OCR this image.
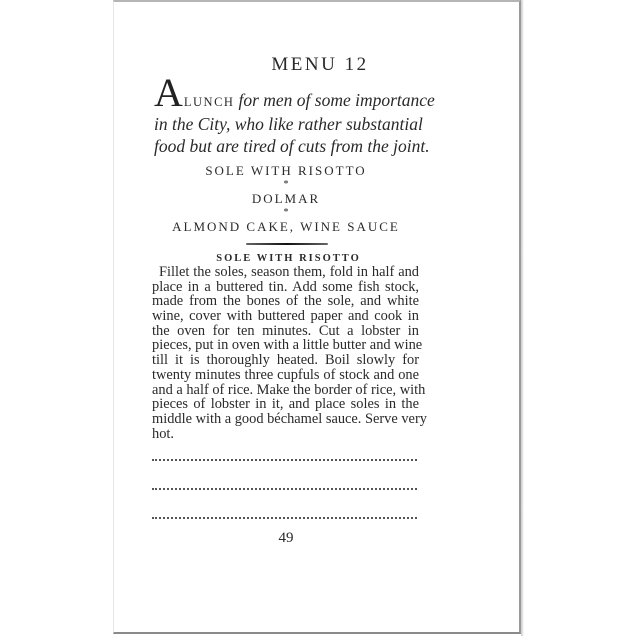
MENU 12
ALUNCH for men of some importance
in the City, who like rather substantial
food but are tired of cuts from the joint.
SOLE WITH RISOTTO
*
DOLMAR
*
ALMOND CAKE, WINE SAUCE
SOLE WITH RISOTTO
Fillet the soles, season them, fold in half and
place in a buttered tin. Add some fish stock,
made from the bones of the sole, and white
wine, cover with buttered paper and cook in
the oven for ten minutes. Cut a lobster in
pieces, put in oven with a little butter and wine
till it is thoroughly heated. Boil slowly for
twenty minutes three cupfuls of stock and one
and a half of rice. Make the border of rice, with
pieces of lobster in it, and place soles in the
middle with a good béchamel sauce. Serve very
hot.
49
